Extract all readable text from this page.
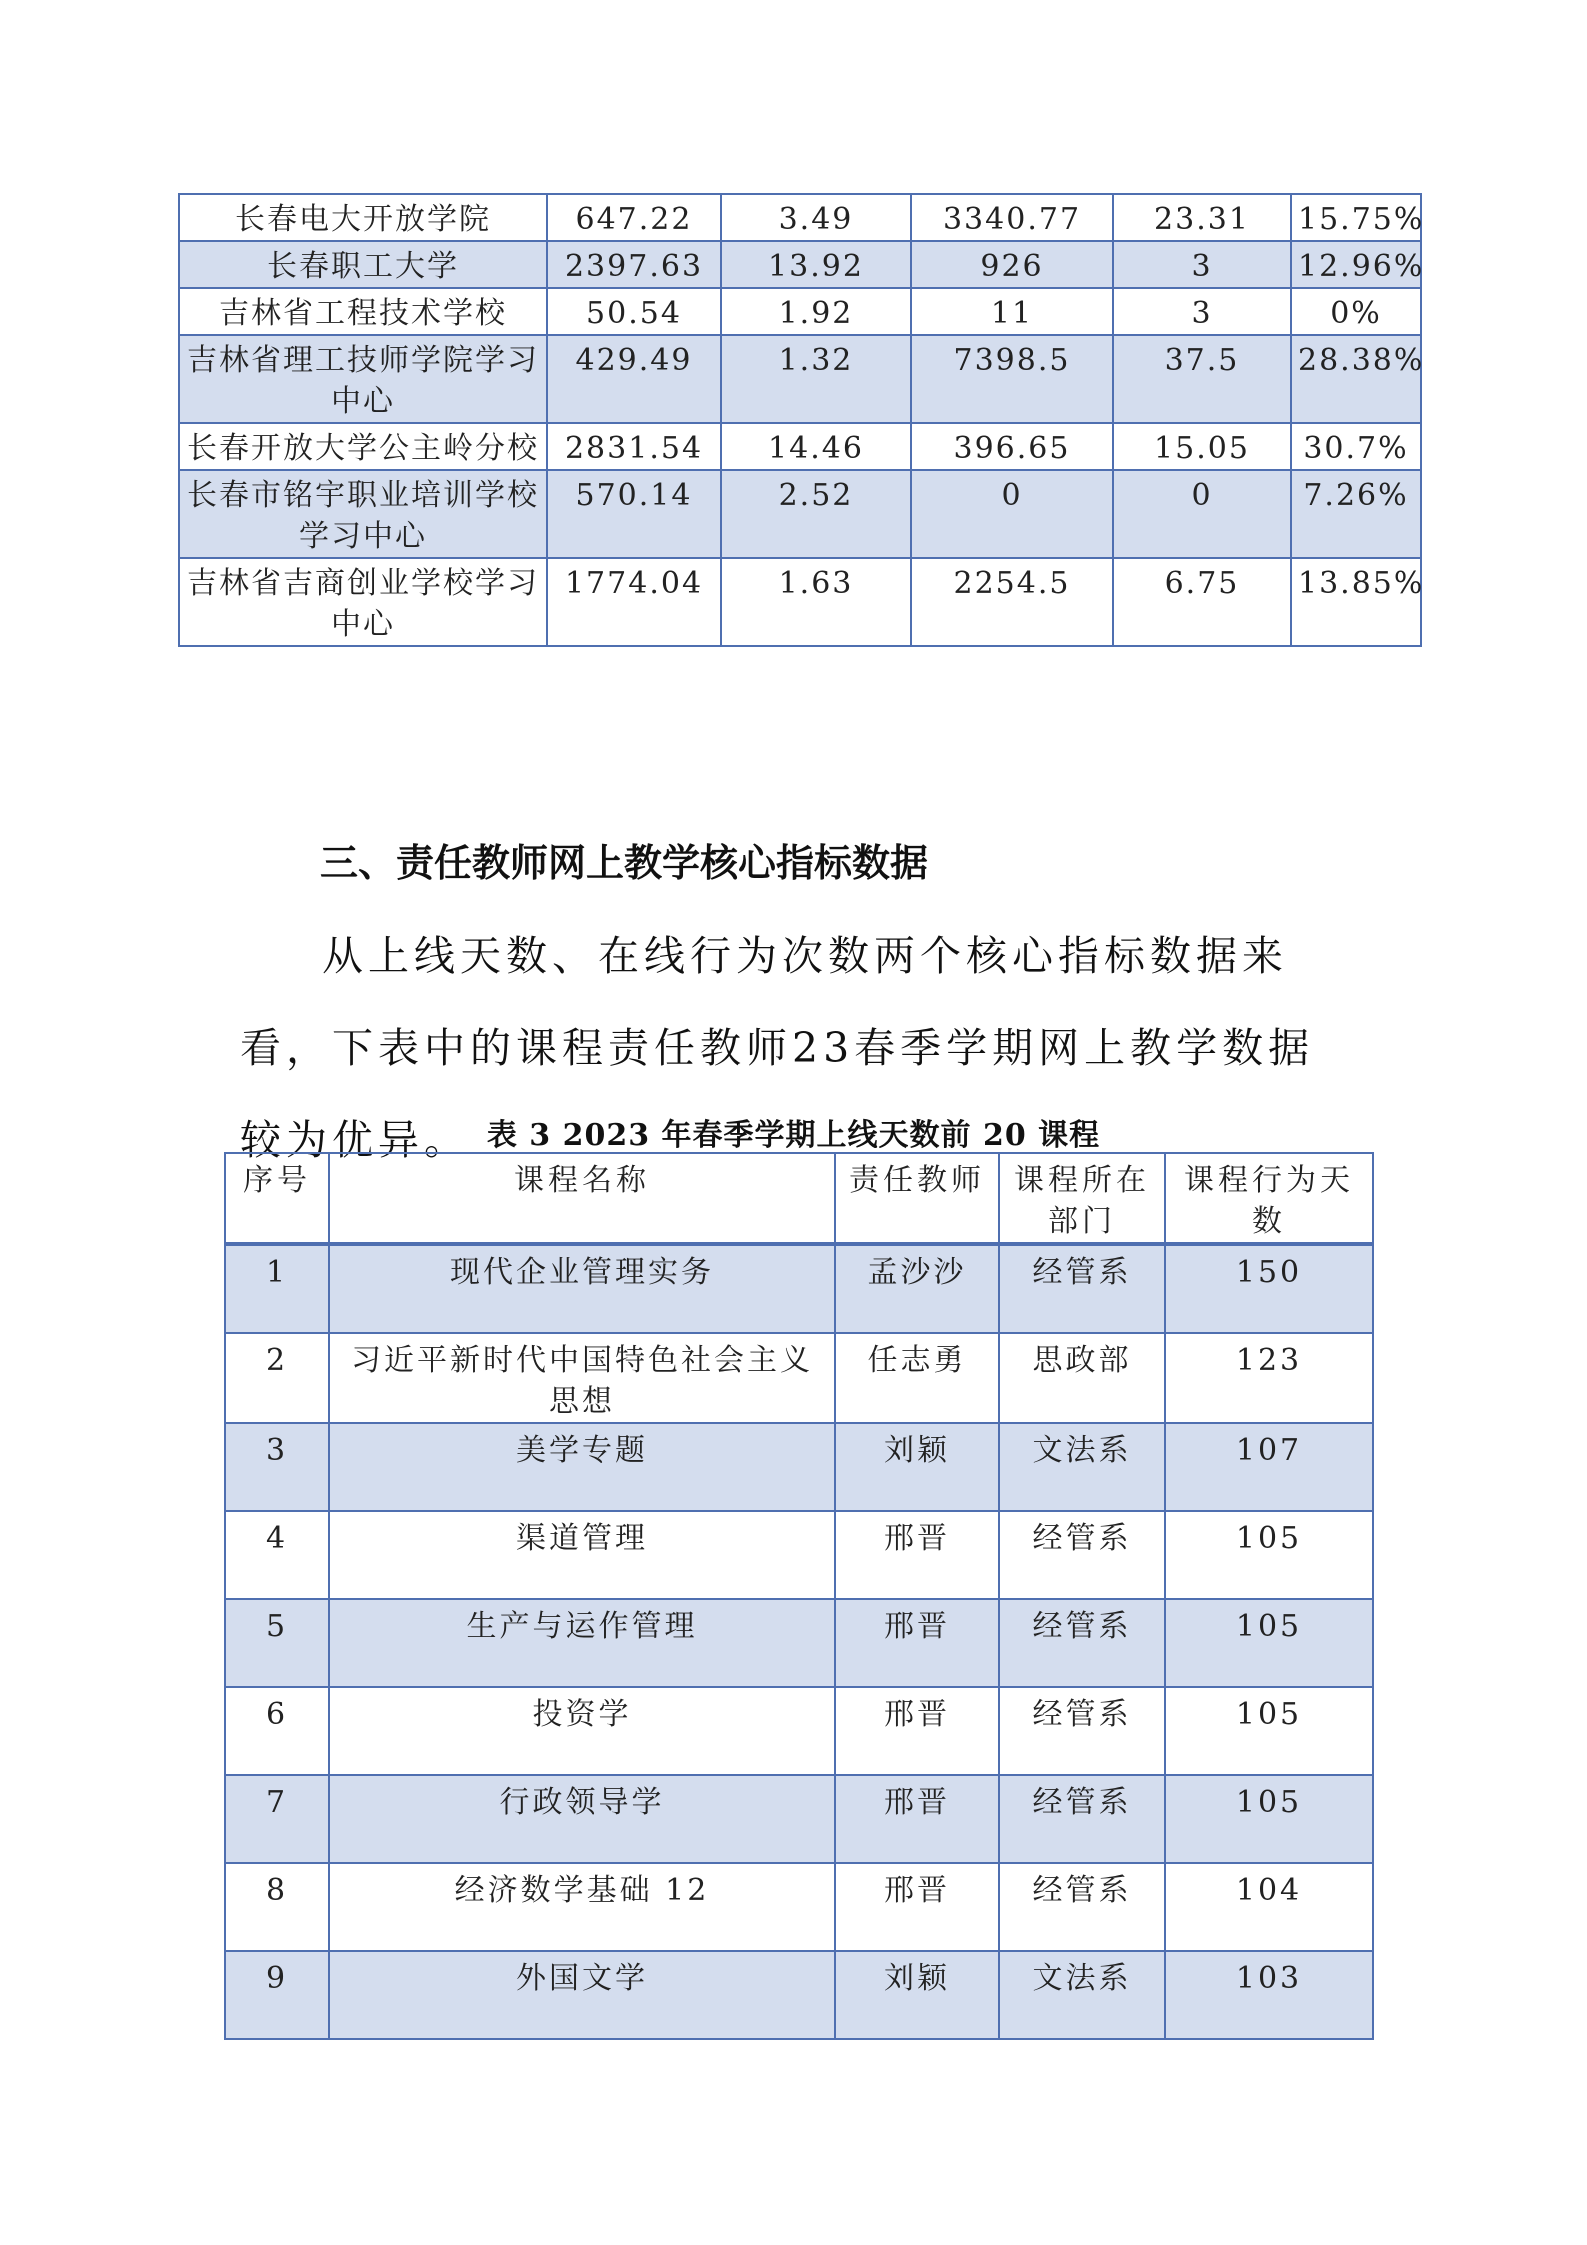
长春电大开放学院	647.22	3.49	3340.77	23.31	15.75%
长春职工大学	2397.63	13.92	926	3	12.96%
吉林省工程技术学校	50.54	1.92	11	3	0%
吉林省理工技师学院学习中心	429.49	1.32	7398.5	37.5	28.38%
长春开放大学公主岭分校	2831.54	14.46	396.65	15.05	30.7%
长春市铭宇职业培训学校学习中心	570.14	2.52	0	0	7.26%
吉林省吉商创业学校学习中心	1774.04	1.63	2254.5	6.75	13.85%
三、责任教师网上教学核心指标数据

从上线天数、在线行为次数两个核心指标数据来看，下表中的课程责任教师23春季学期网上教学数据较为优异。 表 3 2023 年春季学期上线天数前 20 课程
序号	课程名称	责任教师	课程所在部门	课程行为天数
1	现代企业管理实务	孟沙沙	经管系	150
2	习近平新时代中国特色社会主义思想	任志勇	思政部	123
3	美学专题	刘颖	文法系	107
4	渠道管理	邢晋	经管系	105
5	生产与运作管理	邢晋	经管系	105
6	投资学	邢晋	经管系	105
7	行政领导学	邢晋	经管系	105
8	经济数学基础 12	邢晋	经管系	104
9	外国文学	刘颖	文法系	103
